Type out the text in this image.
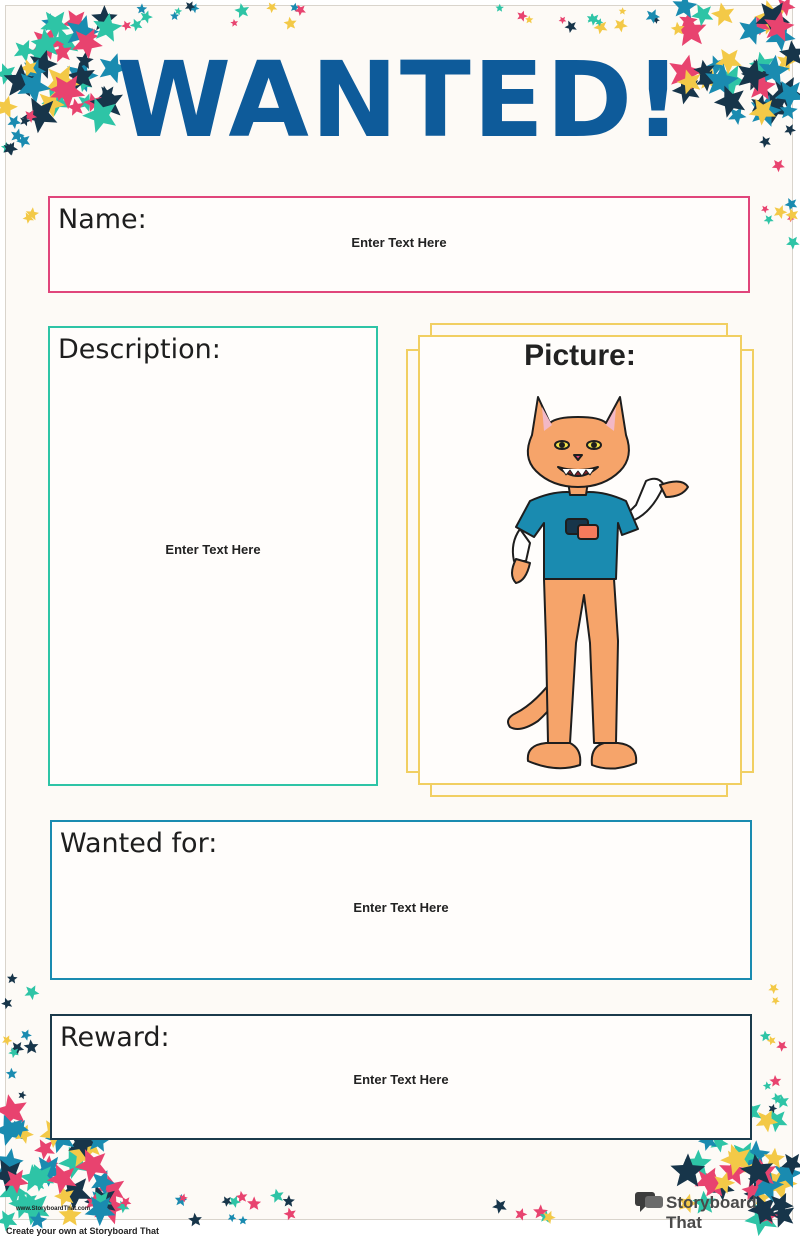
WANTED!
Name:
Enter Text Here
Description:
Enter Text Here
Picture:
Wanted for:
Enter Text Here
Reward:
Enter Text Here
www.StoryboardThat.com	Storyboard That
Create your own at Storyboard That
